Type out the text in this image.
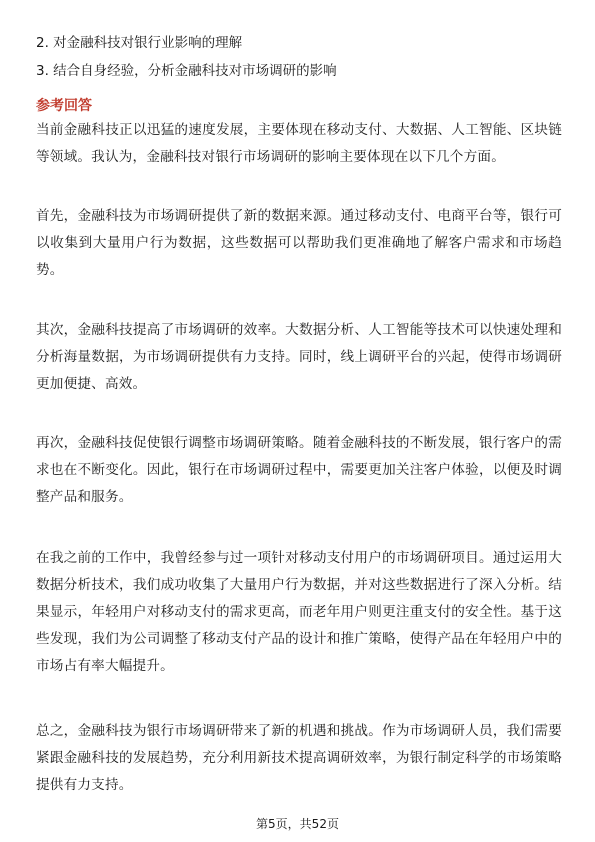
2. 对金融科技对银行业影响的理解
3. 结合自身经验，分析金融科技对市场调研的影响
参考回答

当前金融科技正以迅猛的速度发展，主要体现在移动支付、大数据、人工智能、区块链等领域。我认为，金融科技对银行市场调研的影响主要体现在以下几个方面。

首先，金融科技为市场调研提供了新的数据来源。通过移动支付、电商平台等，银行可以收集到大量用户行为数据，这些数据可以帮助我们更准确地了解客户需求和市场趋势。

其次，金融科技提高了市场调研的效率。大数据分析、人工智能等技术可以快速处理和分析海量数据，为市场调研提供有力支持。同时，线上调研平台的兴起，使得市场调研更加便捷、高效。

再次，金融科技促使银行调整市场调研策略。随着金融科技的不断发展，银行客户的需求也在不断变化。因此，银行在市场调研过程中，需要更加关注客户体验，以便及时调整产品和服务。

在我之前的工作中，我曾经参与过一项针对移动支付用户的市场调研项目。通过运用大数据分析技术，我们成功收集了大量用户行为数据，并对这些数据进行了深入分析。结果显示，年轻用户对移动支付的需求更高，而老年用户则更注重支付的安全性。基于这些发现，我们为公司调整了移动支付产品的设计和推广策略，使得产品在年轻用户中的市场占有率大幅提升。

总之，金融科技为银行市场调研带来了新的机遇和挑战。作为市场调研人员，我们需要紧跟金融科技的发展趋势，充分利用新技术提高调研效率，为银行制定科学的市场策略提供有力支持。

第5页，共52页
